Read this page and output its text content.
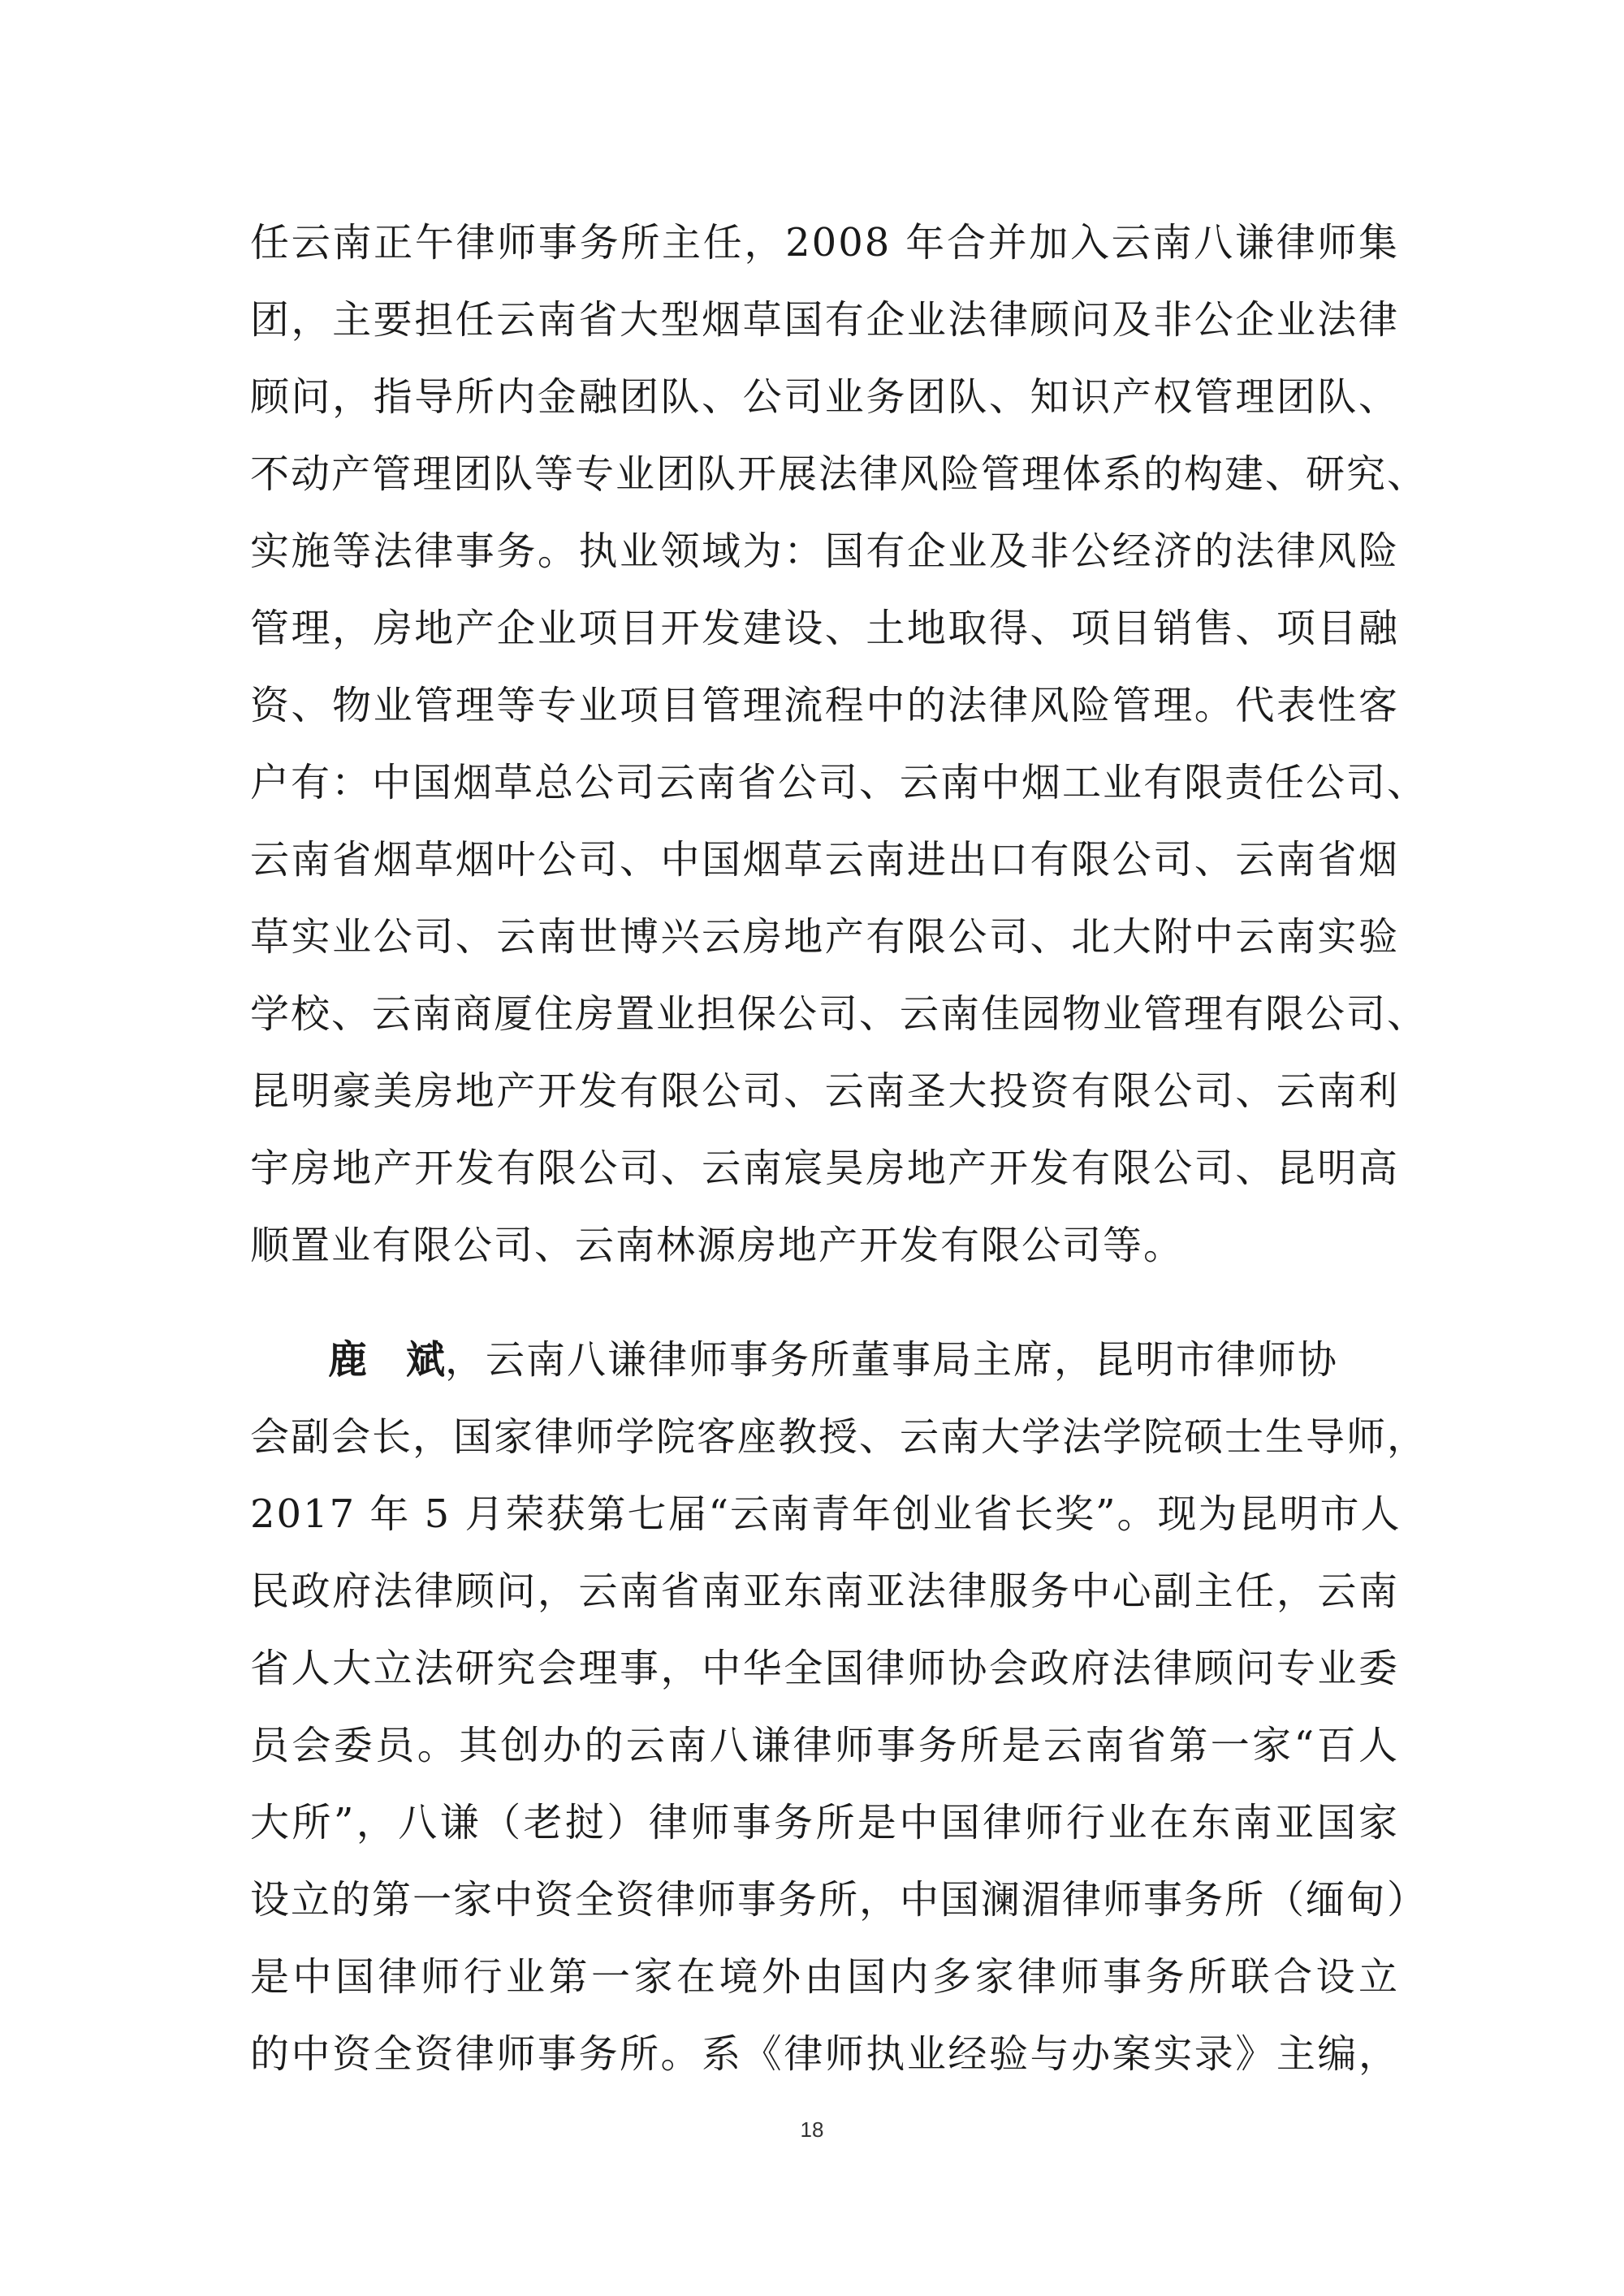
任云南正午律师事务所主任，2008 年合并加入云南八谦律师集
团，主要担任云南省大型烟草国有企业法律顾问及非公企业法律
顾问，指导所内金融团队、公司业务团队、知识产权管理团队、
不动产管理团队等专业团队开展法律风险管理体系的构建、研究、
实施等法律事务。执业领域为：国有企业及非公经济的法律风险
管理，房地产企业项目开发建设、土地取得、项目销售、项目融
资、物业管理等专业项目管理流程中的法律风险管理。代表性客
户有：中国烟草总公司云南省公司、云南中烟工业有限责任公司、
云南省烟草烟叶公司、中国烟草云南进出口有限公司、云南省烟
草实业公司、云南世博兴云房地产有限公司、北大附中云南实验
学校、云南商厦住房置业担保公司、云南佳园物业管理有限公司、
昆明豪美房地产开发有限公司、云南圣大投资有限公司、云南利
宇房地产开发有限公司、云南宸昊房地产开发有限公司、昆明高
顺置业有限公司、云南林源房地产开发有限公司等。
鹿　斌，云南八谦律师事务所董事局主席，昆明市律师协
会副会长，国家律师学院客座教授、云南大学法学院硕士生导师，
2017 年 5 月荣获第七届“云南青年创业省长奖”。现为昆明市人
民政府法律顾问，云南省南亚东南亚法律服务中心副主任，云南
省人大立法研究会理事，中华全国律师协会政府法律顾问专业委
员会委员。其创办的云南八谦律师事务所是云南省第一家“百人
大所”，八谦（老挝）律师事务所是中国律师行业在东南亚国家
设立的第一家中资全资律师事务所，中国澜湄律师事务所（缅甸）
是中国律师行业第一家在境外由国内多家律师事务所联合设立
的中资全资律师事务所。系《律师执业经验与办案实录》主编，
18
